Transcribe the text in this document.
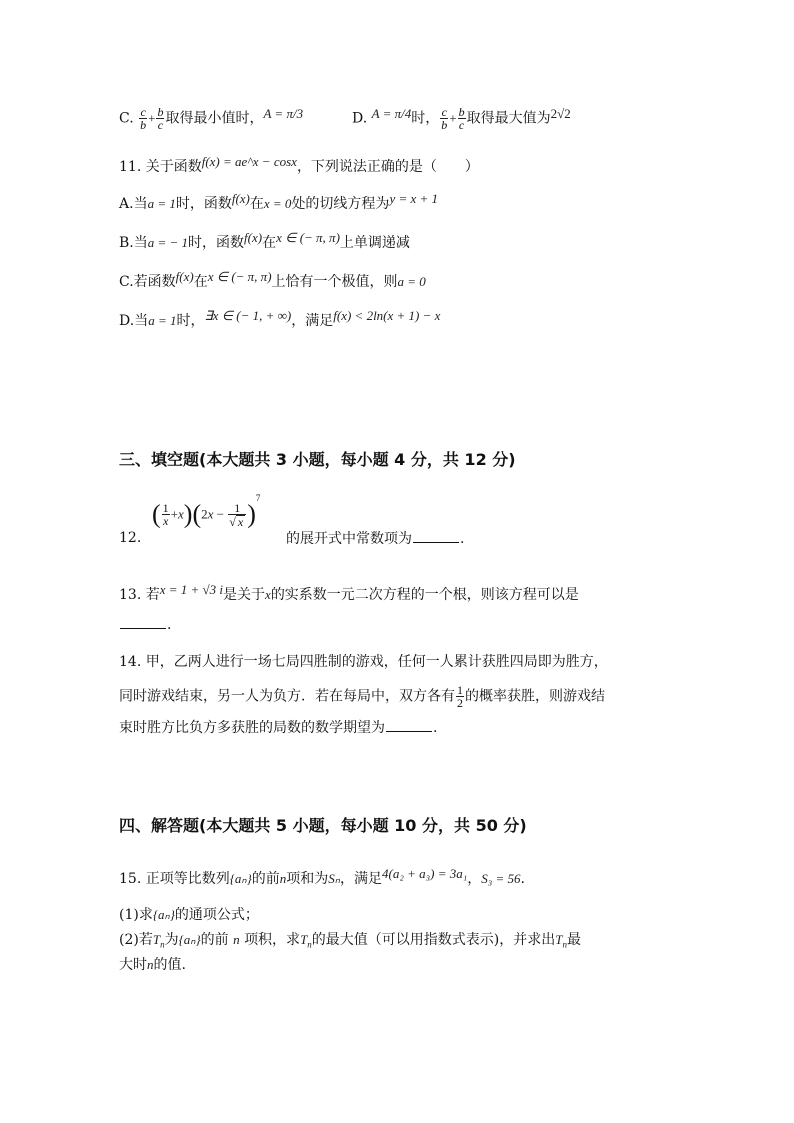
C. $\frac{c}{b} + \frac{b}{c}$ 取得最小值时，A = π/3	D. A = π/4时， $\frac{c}{b} + \frac{b}{c}$ 取得最大值为2√2
11. 关于函数f(x) = ae^x − cosx，下列说法正确的是（　　）
A.当a = 1时，函数f(x)在x = 0处的切线方程为y = x + 1
B.当a = − 1时，函数f(x)在x ∈ (− π, π)上单调递减
C.若函数f(x)在x ∈ (− π, π)上恰有一个极值，则a = 0
D.当a = 1时，∃x ∈ (− 1, + ∞)，满足f(x) < 2ln(x + 1) − x
三、填空题(本大题共 3 小题，每小题 4 分，共 12 分)
12.
( $\frac{1}{x} +x)(2x - \frac{1}{√ x} )^7$
的展开式中常数项为	.
13. 若x = 1 + √3 i是关于x的实系数一元二次方程的一个根，则该方程可以是
.
14. 甲，乙两人进行一场七局四胜制的游戏，任何一人累计获胜四局即为胜方，
同时游戏结束，另一人为负方．若在每局中，双方各有 $\frac{1}{2}$ 的概率获胜，则游戏结
束时胜方比负方多获胜的局数的数学期望为	.
四、解答题(本大题共 5 小题，每小题 10 分，共 50 分)
15. 正项等比数列{aₙ}的前n项和为Sₙ，满足4(a₂ + a₃) = 3a₁，S₃ = 56.
(1)求{aₙ}的通项公式；
(2)若$T_n$为{aₙ}的前 n 项积，求$T_n$的最大值（可以用指数式表示)，并求出$T_n$最
大时n的值.
